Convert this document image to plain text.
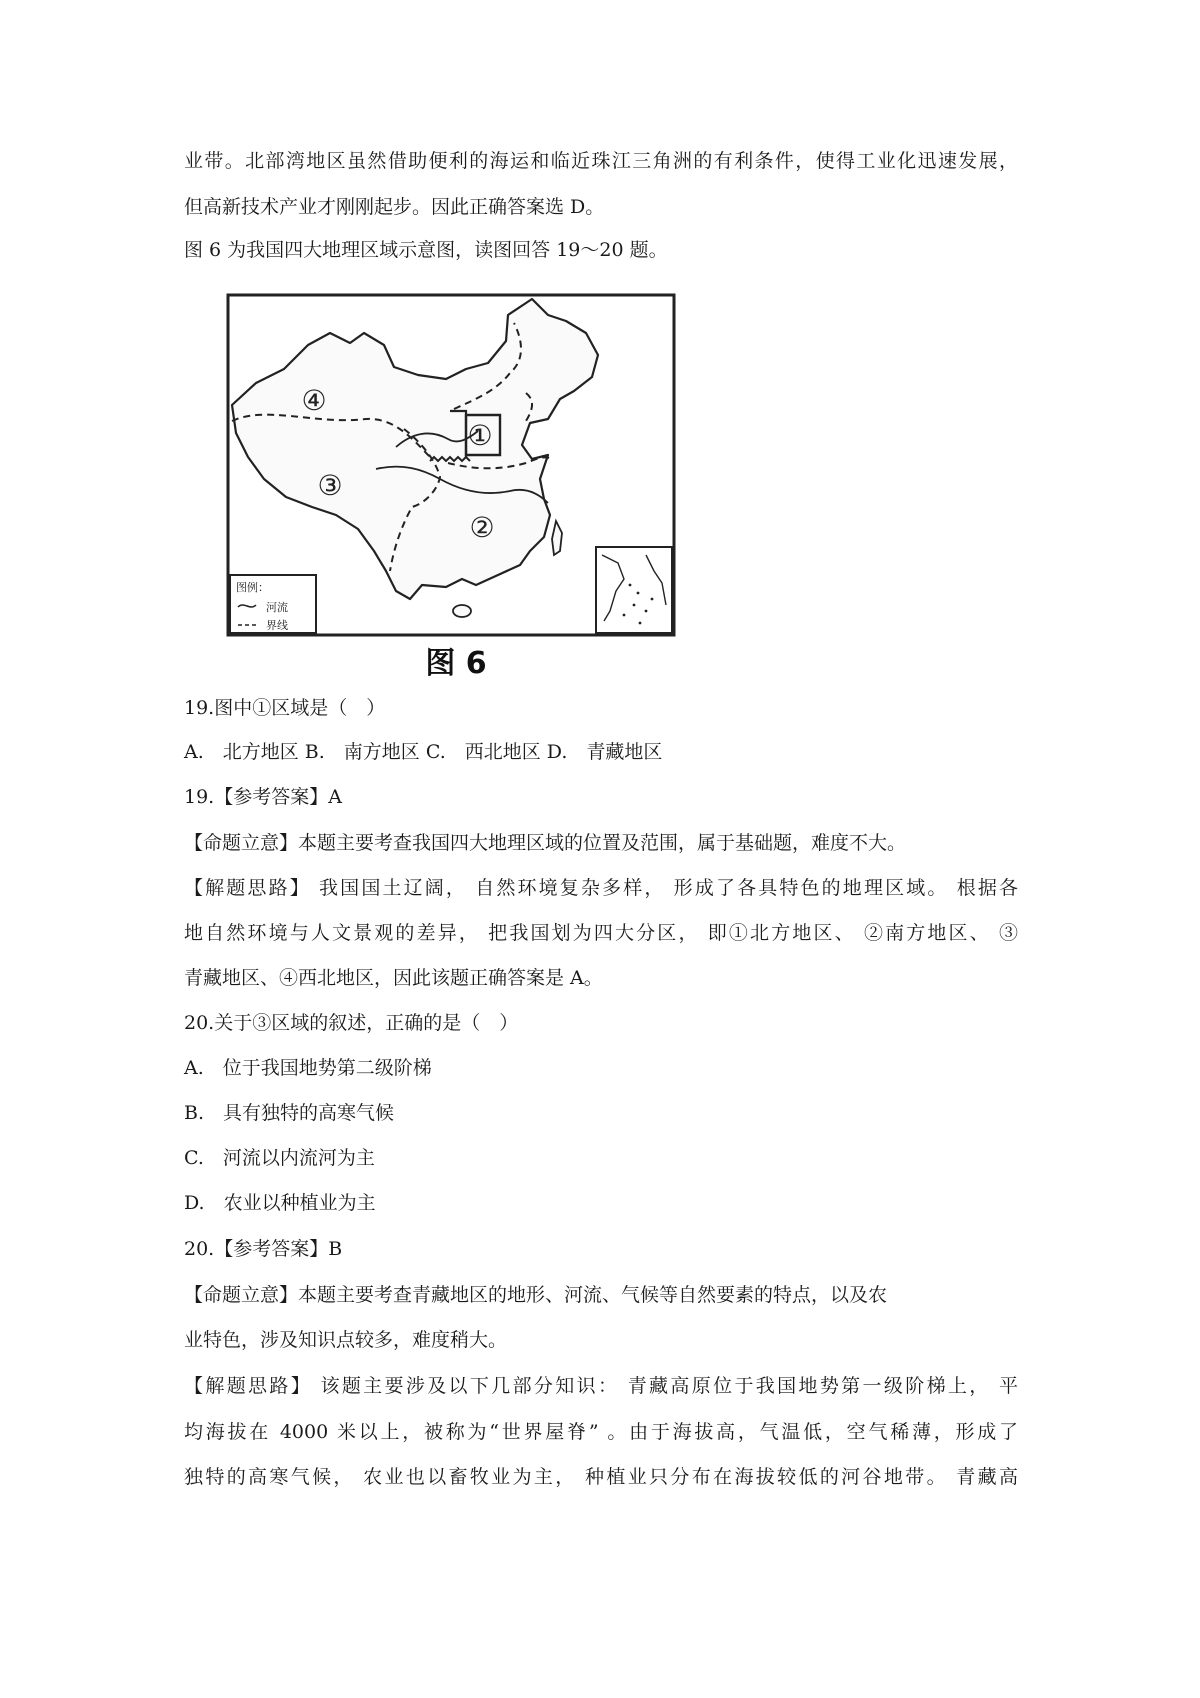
业带。北部湾地区虽然借助便利的海运和临近珠江三角洲的有利条件，使得工业化迅速发展，
但高新技术产业才刚刚起步。因此正确答案选 D。
图 6 为我国四大地理区域示意图，读图回答 19～20 题。
④
①
③
②
图例：
河流
界线
图 6
19.图中①区域是（　）
A.　北方地区 B.　南方地区 C.　西北地区 D.　青藏地区
19.【参考答案】A
【命题立意】本题主要考查我国四大地理区域的位置及范围，属于基础题，难度不大。
【解题思路】 我国国土辽阔， 自然环境复杂多样， 形成了各具特色的地理区域。 根据各
地自然环境与人文景观的差异， 把我国划为四大分区， 即①北方地区、 ②南方地区、 ③
青藏地区、④西北地区，因此该题正确答案是 A。
20.关于③区域的叙述，正确的是（　）
A.　位于我国地势第二级阶梯
B.　具有独特的高寒气候
C.　河流以内流河为主
D.　农业以种植业为主
20.【参考答案】B
【命题立意】本题主要考查青藏地区的地形、河流、气候等自然要素的特点，以及农
业特色，涉及知识点较多，难度稍大。
【解题思路】 该题主要涉及以下几部分知识： 青藏高原位于我国地势第一级阶梯上， 平
均海拔在 4000 米以上，被称为“世界屋脊” 。由于海拔高，气温低，空气稀薄，形成了
独特的高寒气候， 农业也以畜牧业为主， 种植业只分布在海拔较低的河谷地带。 青藏高
